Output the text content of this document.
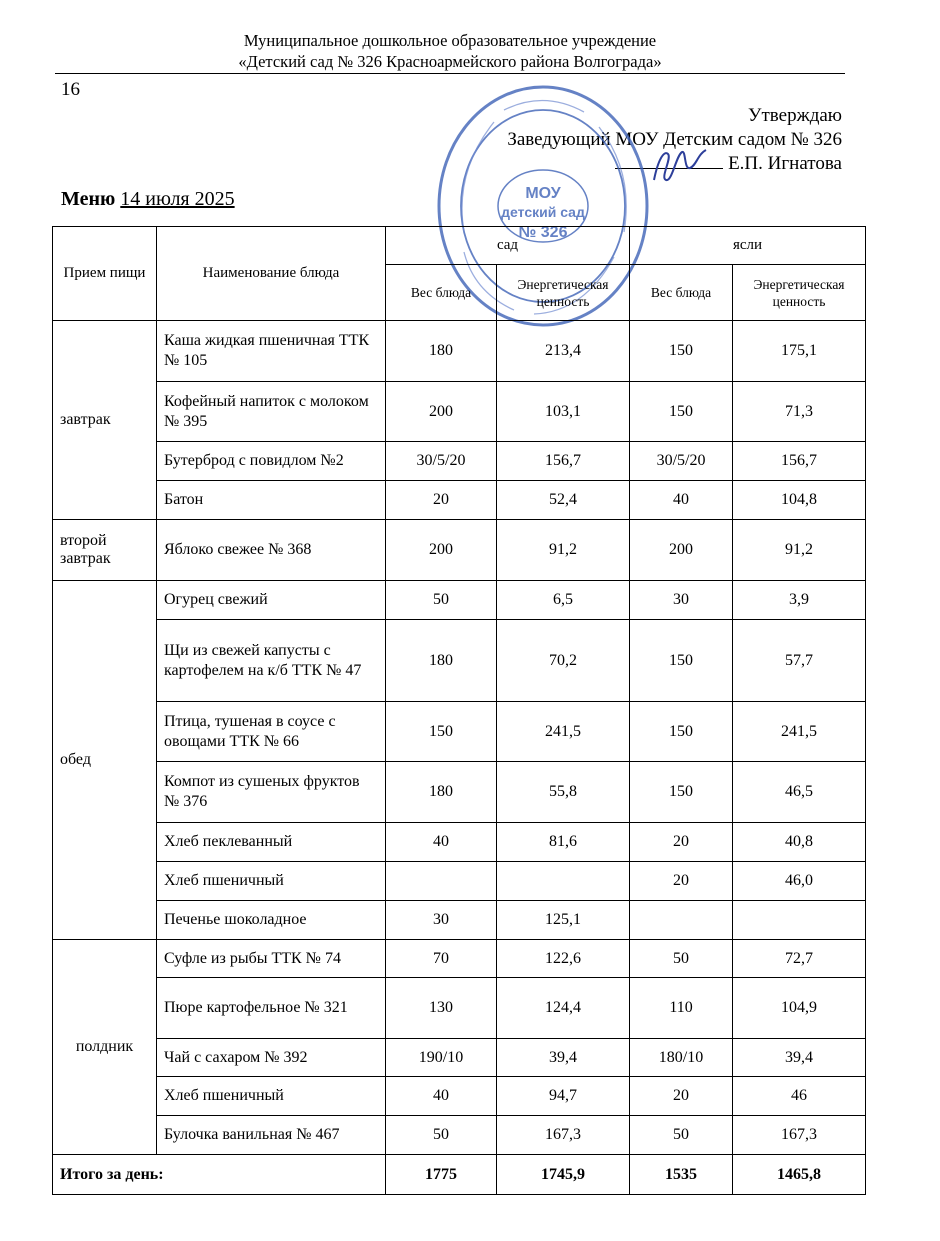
Муниципальное дошкольное образовательное учреждение
«Детский сад № 326 Красноармейского района Волгограда»
16
Утверждаю
Заведующий МОУ Детским садом № 326
Е.П. Игнатова
МОУ
детский сад
№ 326
Меню 14 июля 2025
Прием пищи	Наименование блюда	сад		ясли	
		Вес блюда	Энергетическая ценность	Вес блюда	Энергетическая ценность
завтрак	Каша жидкая пшеничная ТТК № 105	180	213,4	150	175,1
	Кофейный напиток с молоком № 395	200	103,1	150	71,3
	Бутерброд с повидлом №2	30/5/20	156,7	30/5/20	156,7
	Батон	20	52,4	40	104,8
второй завтрак	Яблоко свежее № 368	200	91,2	200	91,2
обед	Огурец свежий	50	6,5	30	3,9
	Щи из свежей капусты с картофелем на к/б ТТК № 47	180	70,2	150	57,7
	Птица, тушеная в соусе с овощами ТТК № 66	150	241,5	150	241,5
	Компот из сушеных фруктов № 376	180	55,8	150	46,5
	Хлеб пеклеванный	40	81,6	20	40,8
	Хлеб пшеничный			20	46,0
	Печенье шоколадное	30	125,1		
полдник	Суфле из рыбы ТТК № 74	70	122,6	50	72,7
	Пюре картофельное № 321	130	124,4	110	104,9
	Чай с сахаром № 392	190/10	39,4	180/10	39,4
	Хлеб пшеничный	40	94,7	20	46
	Булочка ванильная № 467	50	167,3	50	167,3
Итого за день:		1775	1745,9	1535	1465,8
